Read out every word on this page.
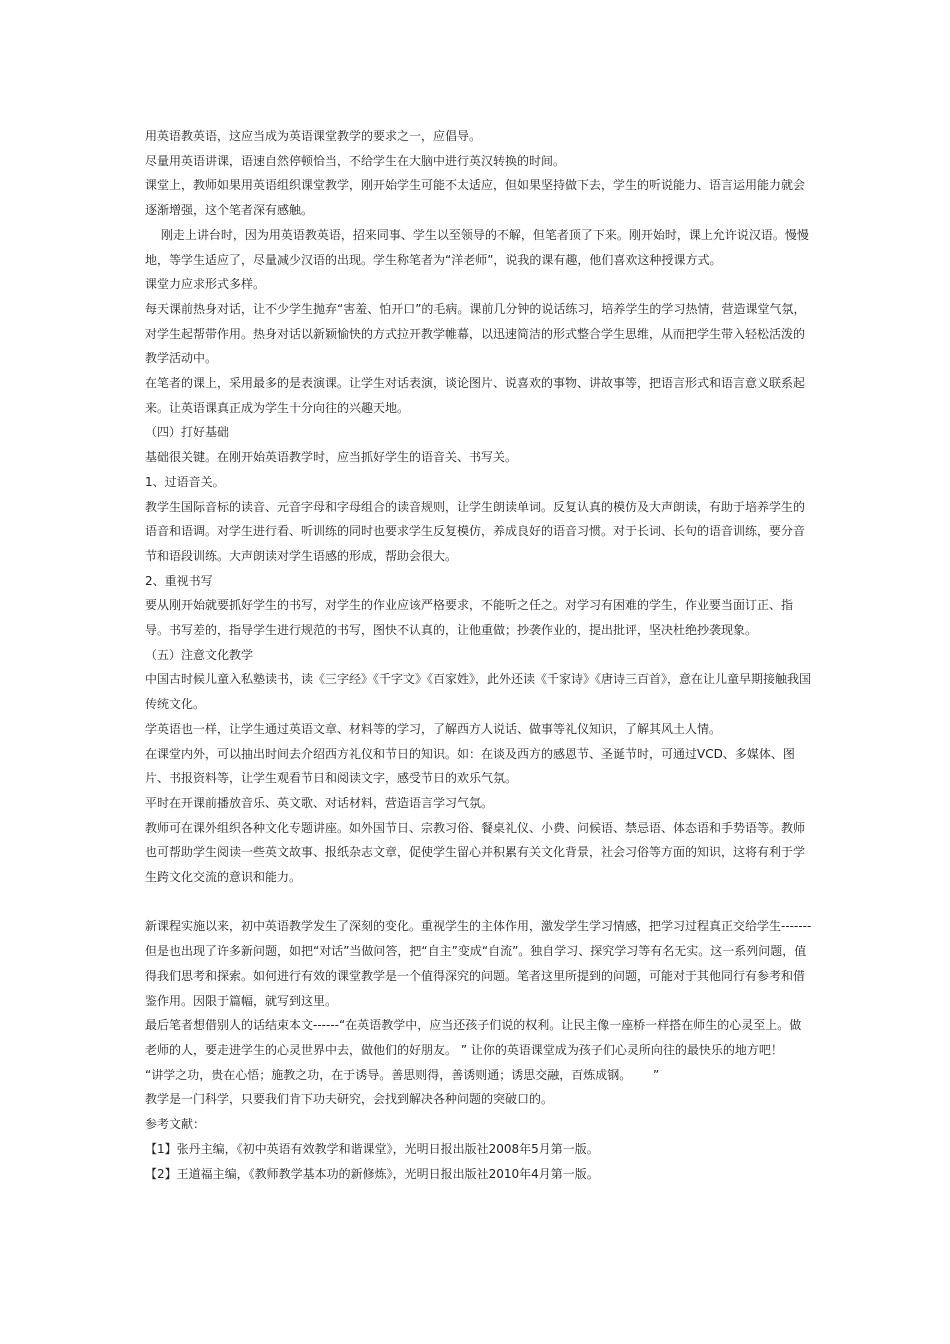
用英语教英语，这应当成为英语课堂教学的要求之一，应倡导。

尽量用英语讲课，语速自然停顿恰当，不给学生在大脑中进行英汉转换的时间。

课堂上，教师如果用英语组织课堂教学，刚开始学生可能不太适应，但如果坚持做下去，学生的听说能力、语言运用能力就会逐渐增强，这个笔者深有感触。

　 刚走上讲台时，因为用英语教英语，招来同事、学生以至领导的不解，但笔者顶了下来。刚开始时，课上允许说汉语。慢慢地，等学生适应了，尽量减少汉语的出现。学生称笔者为“洋老师”，说我的课有趣，他们喜欢这种授课方式。

课堂力应求形式多样。

每天课前热身对话，让不少学生抛弃“害羞、怕开口”的毛病。课前几分钟的说话练习，培养学生的学习热情，营造课堂气氛，对学生起帮带作用。热身对话以新颖愉快的方式拉开教学帷幕，以迅速简洁的形式整合学生思维，从而把学生带入轻松活泼的教学活动中。

在笔者的课上，采用最多的是表演课。让学生对话表演，谈论图片、说喜欢的事物、讲故事等，把语言形式和语言意义联系起来。让英语课真正成为学生十分向往的兴趣天地。

（四）打好基础

基础很关键。在刚开始英语教学时，应当抓好学生的语音关、书写关。

1、过语音关。

教学生国际音标的读音、元音字母和字母组合的读音规则，让学生朗读单词。反复认真的模仿及大声朗读，有助于培养学生的语音和语调。对学生进行看、听训练的同时也要求学生反复模仿，养成良好的语音习惯。对于长词、长句的语音训练，要分音节和语段训练。大声朗读对学生语感的形成，帮助会很大。

2、重视书写

要从刚开始就要抓好学生的书写，对学生的作业应该严格要求，不能听之任之。对学习有困难的学生，作业要当面订正、指导。书写差的，指导学生进行规范的书写，图快不认真的，让他重做；抄袭作业的，提出批评，坚决杜绝抄袭现象。

（五）注意文化教学

中国古时候儿童入私塾读书，读《三字经》《千字文》《百家姓》，此外还读《千家诗》《唐诗三百首》，意在让儿童早期接触我国传统文化。

学英语也一样，让学生通过英语文章、材料等的学习，了解西方人说话、做事等礼仪知识，了解其风土人情。

在课堂内外，可以抽出时间去介绍西方礼仪和节日的知识。如：在谈及西方的感恩节、圣诞节时，可通过VCD、多媒体、图片、书报资料等，让学生观看节日和阅读文字，感受节日的欢乐气氛。

平时在开课前播放音乐、英文歌、对话材料，营造语言学习气氛。

教师可在课外组织各种文化专题讲座。如外国节日、宗教习俗、餐桌礼仪、小费、问候语、禁忌语、体态语和手势语等。教师也可帮助学生阅读一些英文故事、报纸杂志文章，促使学生留心并积累有关文化背景，社会习俗等方面的知识，这将有利于学生跨文化交流的意识和能力。

新课程实施以来，初中英语教学发生了深刻的变化。重视学生的主体作用，激发学生学习情感，把学习过程真正交给学生-------但是也出现了许多新问题，如把“对话”当做问答，把“自主”变成“自流”。独自学习、探究学习等有名无实。这一系列问题，值得我们思考和探索。如何进行有效的课堂教学是一个值得深究的问题。笔者这里所提到的问题，可能对于其他同行有参考和借鉴作用。因限于篇幅，就写到这里。

最后笔者想借别人的话结束本文------“在英语教学中，应当还孩子们说的权利。让民主像一座桥一样搭在师生的心灵至上。做老师的人，要走进学生的心灵世界中去，做他们的好朋友。 ” 让你的英语课堂成为孩子们心灵所向往的最快乐的地方吧！

“讲学之功，贵在心悟；施教之功，在于诱导。善思则得，善诱则通；诱思交融，百炼成钢。　　 ”

教学是一门科学，只要我们肯下功夫研究，会找到解决各种问题的突破口的。

参考文献：

【1】张丹主编，《初中英语有效教学和谐课堂》，光明日报出版社2008年5月第一版。

【2】王道福主编，《教师教学基本功的新修炼》，光明日报出版社2010年4月第一版。
